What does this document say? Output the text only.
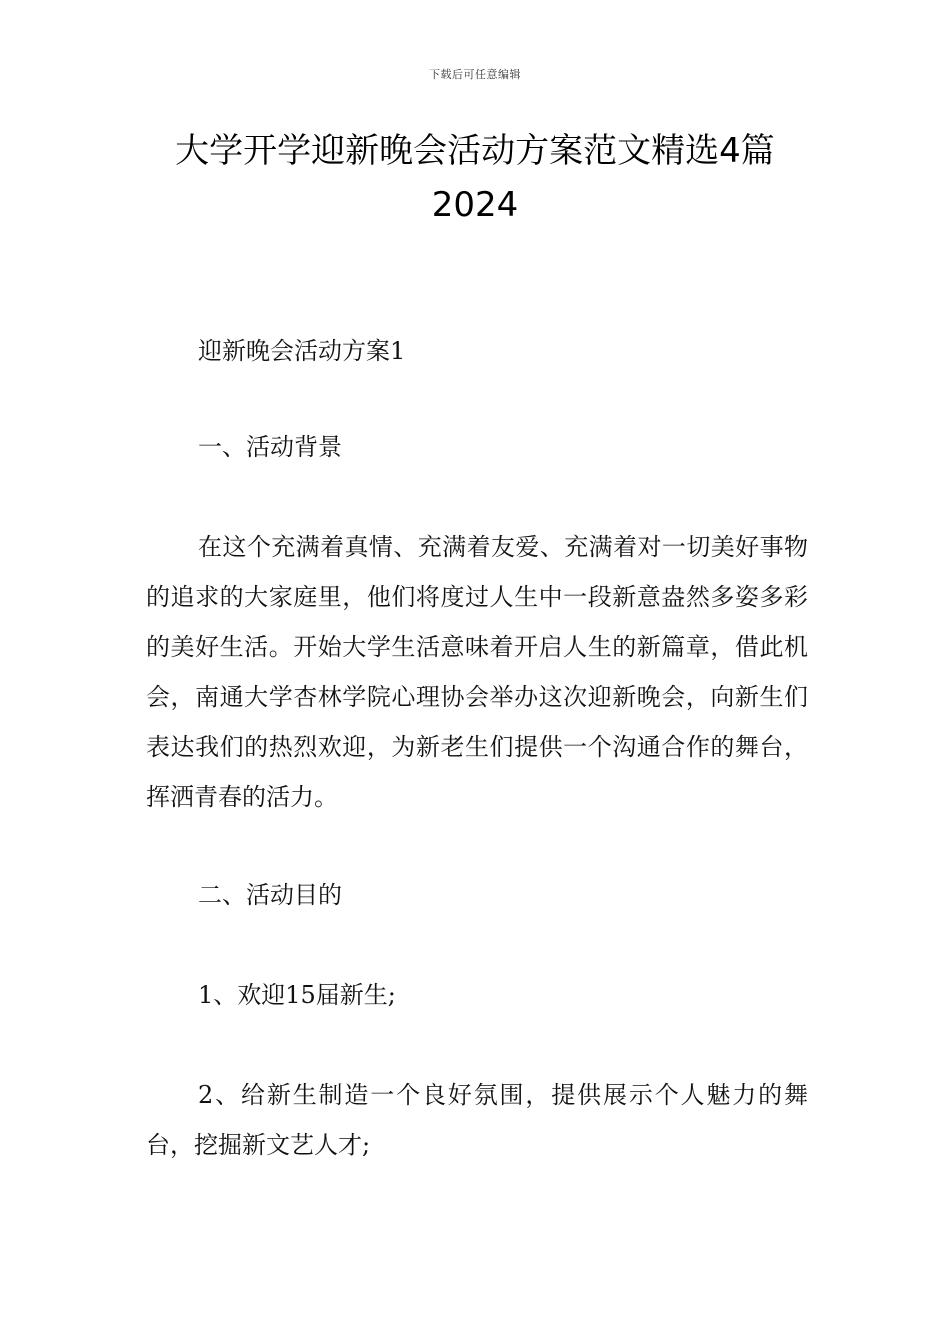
下载后可任意编辑
大学开学迎新晚会活动方案范文精选4篇
2024

迎新晚会活动方案1

一、活动背景

在这个充满着真情、充满着友爱、充满着对一切美好事物的追求的大家庭里，他们将度过人生中一段新意盎然多姿多彩的美好生活。开始大学生活意味着开启人生的新篇章，借此机会，南通大学杏林学院心理协会举办这次迎新晚会，向新生们表达我们的热烈欢迎，为新老生们提供一个沟通合作的舞台，挥洒青春的活力。

二、活动目的

1、欢迎15届新生;

2、给新生制造一个良好氛围，提供展示个人魅力的舞台，挖掘新文艺人才;
